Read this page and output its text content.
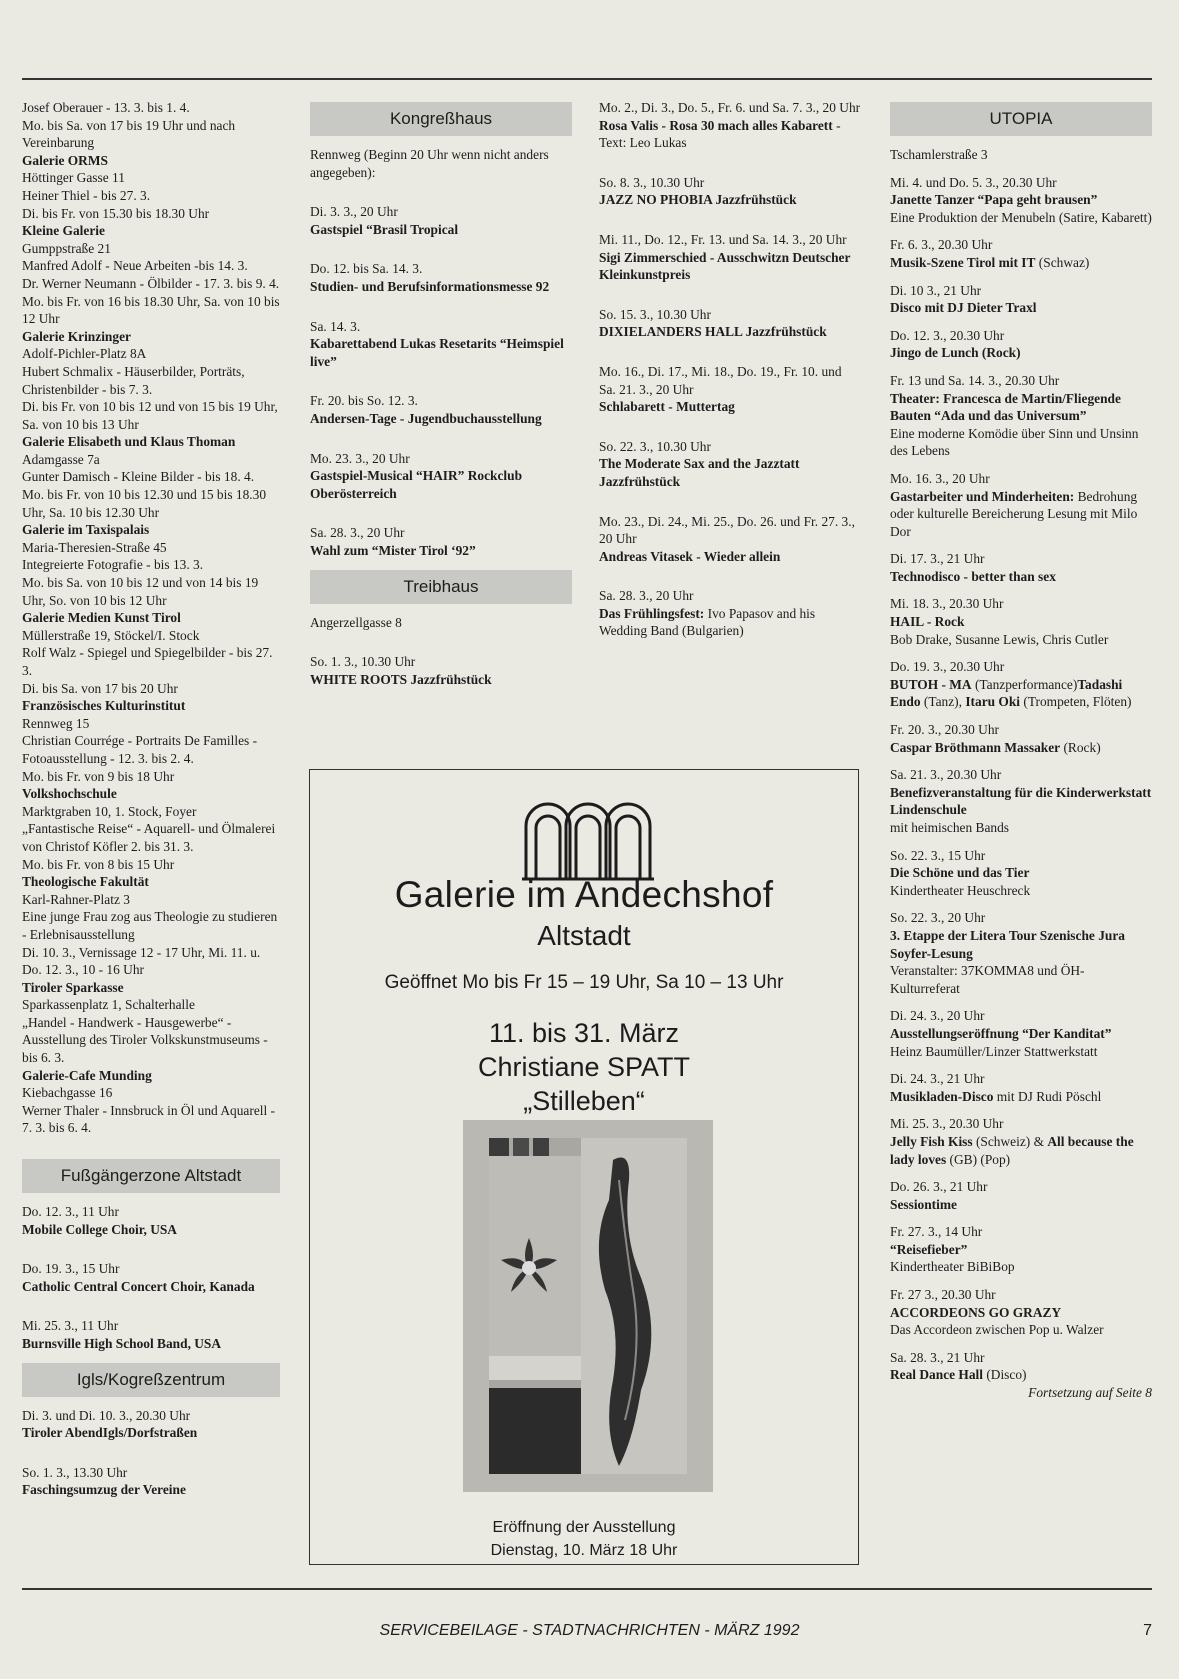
Josef Oberauer - 13. 3. bis 1. 4.

Mo. bis Sa. von 17 bis 19 Uhr und nach Vereinbarung

Galerie ORMS

Höttinger Gasse 11

Heiner Thiel - bis 27. 3.

Di. bis Fr. von 15.30 bis 18.30 Uhr

Kleine Galerie

Gumppstraße 21

Manfred Adolf - Neue Arbeiten -bis 14. 3.

Dr. Werner Neumann - Ölbilder - 17. 3. bis 9. 4.

Mo. bis Fr. von 16 bis 18.30 Uhr, Sa. von 10 bis 12 Uhr

Galerie Krinzinger

Adolf-Pichler-Platz 8A

Hubert Schmalix - Häuserbilder, Porträts, Christenbilder - bis 7. 3.

Di. bis Fr. von 10 bis 12 und von 15 bis 19 Uhr, Sa. von 10 bis 13 Uhr

Galerie Elisabeth und Klaus Thoman

Adamgasse 7a

Gunter Damisch - Kleine Bilder - bis 18. 4.

Mo. bis Fr. von 10 bis 12.30 und 15 bis 18.30 Uhr, Sa. 10 bis 12.30 Uhr

Galerie im Taxispalais

Maria-Theresien-Straße 45

Integreierte Fotografie - bis 13. 3.

Mo. bis Sa. von 10 bis 12 und von 14 bis 19 Uhr, So. von 10 bis 12 Uhr

Galerie Medien Kunst Tirol

Müllerstraße 19, Stöckel/I. Stock

Rolf Walz - Spiegel und Spiegelbilder - bis 27. 3.

Di. bis Sa. von 17 bis 20 Uhr

Französisches Kulturinstitut

Rennweg 15

Christian Courrége - Portraits De Familles - Fotoausstellung - 12. 3. bis 2. 4.

Mo. bis Fr. von 9 bis 18 Uhr

Volkshochschule

Marktgraben 10, 1. Stock, Foyer

„Fantastische Reise“ - Aquarell- und Ölmalerei von Christof Köfler 2. bis 31. 3.

Mo. bis Fr. von 8 bis 15 Uhr

Theologische Fakultät

Karl-Rahner-Platz 3

Eine junge Frau zog aus Theologie zu studieren - Erlebnisausstellung

Di. 10. 3., Vernissage 12 - 17 Uhr, Mi. 11. u. Do. 12. 3., 10 - 16 Uhr

Tiroler Sparkasse

Sparkassenplatz 1, Schalterhalle

„Handel - Handwerk - Hausgewerbe“ - Ausstellung des Tiroler Volkskunstmuseums - bis 6. 3.

Galerie-Cafe Munding

Kiebachgasse 16

Werner Thaler - Innsbruck in Öl und Aquarell - 7. 3. bis 6. 4.

Fußgängerzone Altstadt

Do. 12. 3., 11 Uhr

Mobile College Choir, USA

Do. 19. 3., 15 Uhr

Catholic Central Concert Choir, Kanada

Mi. 25. 3., 11 Uhr

Burnsville High School Band, USA

Igls/Kogreßzentrum

Di. 3. und Di. 10. 3., 20.30 Uhr

Tiroler AbendIgls/Dorfstraßen

So. 1. 3., 13.30 Uhr

Faschingsumzug der Vereine

Kongreßhaus

Rennweg (Beginn 20 Uhr wenn nicht anders angegeben):

Di. 3. 3., 20 Uhr

Gastspiel “Brasil Tropical

Do. 12. bis Sa. 14. 3.

Studien- und Berufsinformationsmesse 92

Sa. 14. 3.

Kabarettabend Lukas Resetarits “Heimspiel live”

Fr. 20. bis So. 12. 3.

Andersen-Tage - Jugendbuchausstellung

Mo. 23. 3., 20 Uhr

Gastspiel-Musical “HAIR” Rockclub Oberösterreich

Sa. 28. 3., 20 Uhr

Wahl zum “Mister Tirol ‘92”

Treibhaus

Angerzellgasse 8

So. 1. 3., 10.30 Uhr

WHITE ROOTS Jazzfrühstück

Mo. 2., Di. 3., Do. 5., Fr. 6. und Sa. 7. 3., 20 Uhr

Rosa Valis - Rosa 30 mach alles Kabarett - Text: Leo Lukas

So. 8. 3., 10.30 Uhr

JAZZ NO PHOBIA Jazzfrühstück

Mi. 11., Do. 12., Fr. 13. und Sa. 14. 3., 20 Uhr

Sigi Zimmerschied - Ausschwitzn Deutscher Kleinkunstpreis

So. 15. 3., 10.30 Uhr

DIXIELANDERS HALL Jazzfrühstück

Mo. 16., Di. 17., Mi. 18., Do. 19., Fr. 10. und Sa. 21. 3., 20 Uhr

Schlabarett - Muttertag

So. 22. 3., 10.30 Uhr

The Moderate Sax and the Jazztatt Jazzfrühstück

Mo. 23., Di. 24., Mi. 25., Do. 26. und Fr. 27. 3., 20 Uhr

Andreas Vitasek - Wieder allein

Sa. 28. 3., 20 Uhr

Das Frühlingsfest: Ivo Papasov and his Wedding Band (Bulgarien)

UTOPIA

Tschamlerstraße 3

Mi. 4. und Do. 5. 3., 20.30 Uhr

Janette Tanzer “Papa geht brausen”

Eine Produktion der Menubeln (Satire, Kabarett)

Fr. 6. 3., 20.30 Uhr

Musik-Szene Tirol mit IT (Schwaz)

Di. 10 3., 21 Uhr

Disco mit DJ Dieter Traxl

Do. 12. 3., 20.30 Uhr

Jingo de Lunch (Rock)

Fr. 13 und Sa. 14. 3., 20.30 Uhr

Theater: Francesca de Martin/Fliegende Bauten “Ada und das Universum”

Eine moderne Komödie über Sinn und Unsinn des Lebens

Mo. 16. 3., 20 Uhr

Gastarbeiter und Minderheiten: Bedrohung oder kulturelle Bereicherung Lesung mit Milo Dor

Di. 17. 3., 21 Uhr

Technodisco - better than sex

Mi. 18. 3., 20.30 Uhr

HAIL - Rock

Bob Drake, Susanne Lewis, Chris Cutler

Do. 19. 3., 20.30 Uhr

BUTOH - MA (Tanzperformance)Tadashi Endo (Tanz), Itaru Oki (Trompeten, Flöten)

Fr. 20. 3., 20.30 Uhr

Caspar Bröthmann Massaker (Rock)

Sa. 21. 3., 20.30 Uhr

Benefizveranstaltung für die Kinderwerkstatt Lindenschule

mit heimischen Bands

So. 22. 3., 15 Uhr

Die Schöne und das Tier

Kindertheater Heuschreck

So. 22. 3., 20 Uhr

3. Etappe der Litera Tour Szenische Jura Soyfer-Lesung

Veranstalter: 37KOMMA8 und ÖH-Kulturreferat

Di. 24. 3., 20 Uhr

Ausstellungseröffnung “Der Kanditat”

Heinz Baumüller/Linzer Stattwerkstatt

Di. 24. 3., 21 Uhr

Musikladen-Disco mit DJ Rudi Pöschl

Mi. 25. 3., 20.30 Uhr

Jelly Fish Kiss (Schweiz) & All because the lady loves (GB) (Pop)

Do. 26. 3., 21 Uhr

Sessiontime

Fr. 27. 3., 14 Uhr

“Reisefieber”

Kindertheater BiBiBop

Fr. 27 3., 20.30 Uhr

ACCORDEONS GO GRAZY

Das Accordeon zwischen Pop u. Walzer

Sa. 28. 3., 21 Uhr

Real Dance Hall (Disco)

Fortsetzung auf Seite 8

Galerie im Andechshof
Altstadt
Geöffnet Mo bis Fr 15 – 19 Uhr, Sa 10 – 13 Uhr
11. bis 31. März
Christiane SPATT
„Stilleben“
Eröffnung der Ausstellung
Dienstag, 10. März 18 Uhr
SERVICEBEILAGE - STADTNACHRICHTEN - MÄRZ 1992	7
